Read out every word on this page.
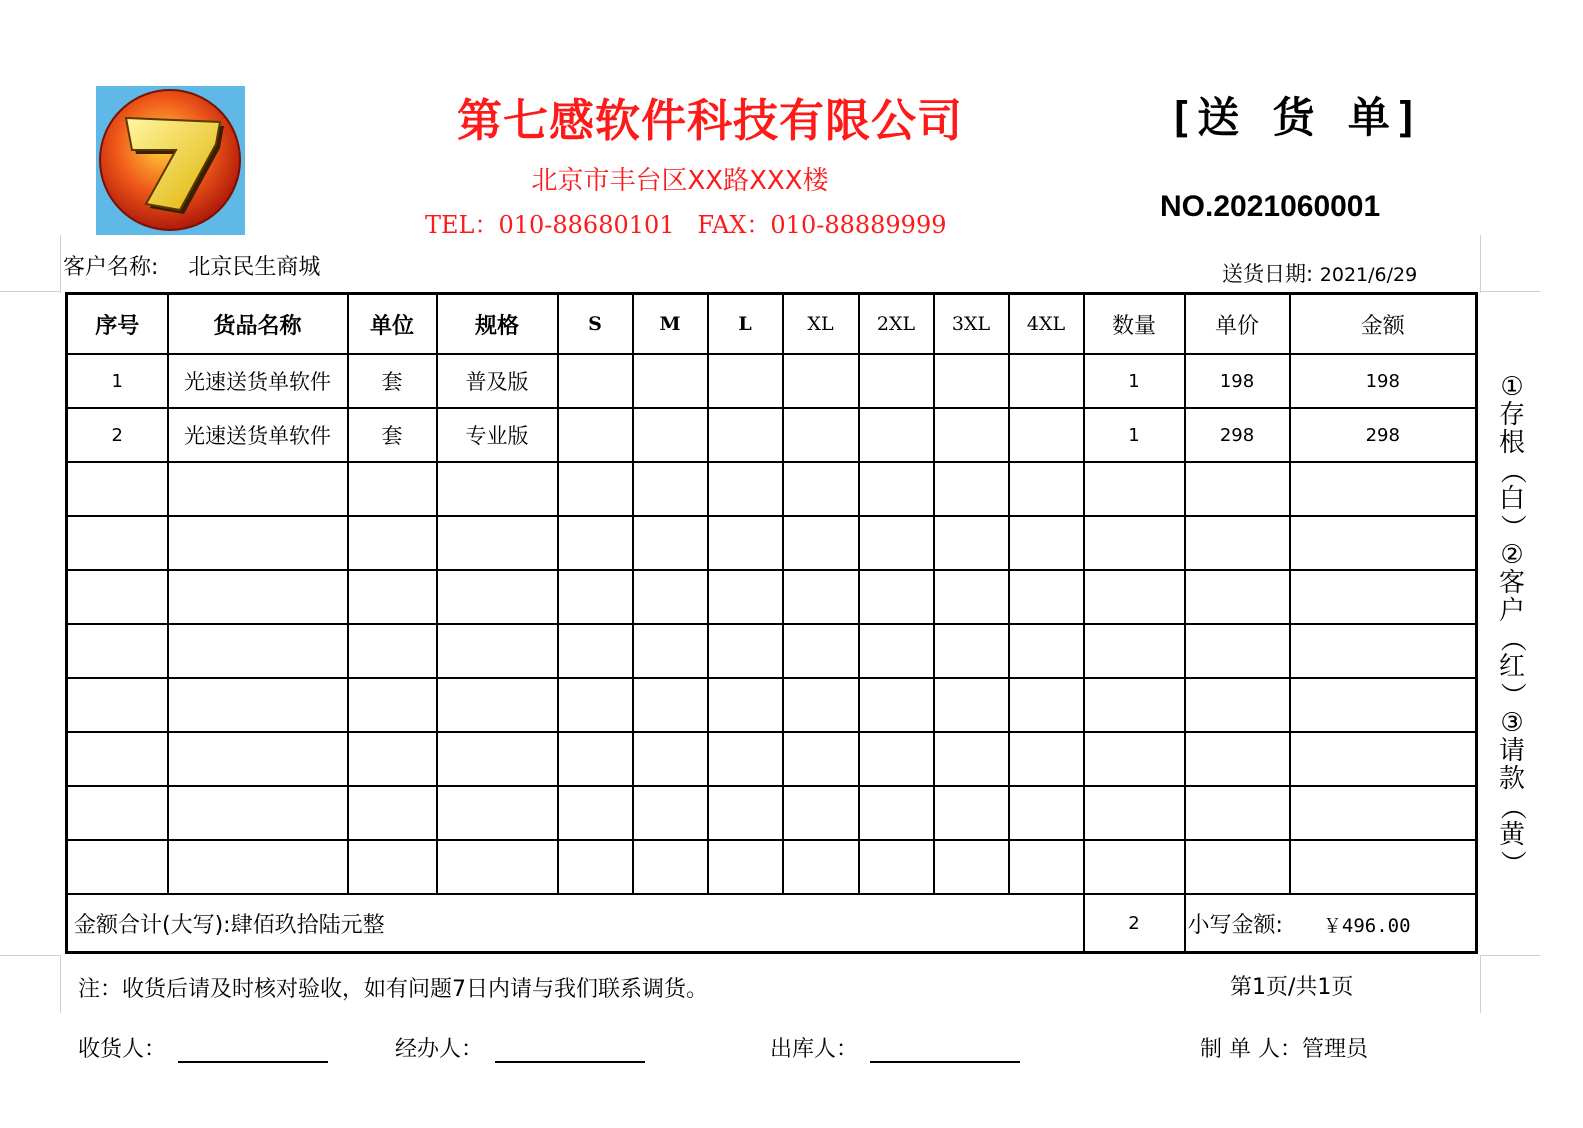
第七感软件科技有限公司
北京市丰台区XX路XXX楼
TEL：010-88680101   FAX：010-88889999
[送 货 单]
NO.2021060001
客户名称: 北京民生商城	送货日期: 2021/6/29
序号	货品名称	单位	规格	S	M	L	XL	2XL	3XL	4XL	数量	单价	金额
1	光速送货单软件	套	普及版								1	198	198
2	光速送货单软件	套	专业版								1	298	298

金额合计(大写):肆佰玖拾陆元整											2	小写金额: ￥496.00	
①
存
根
（
白
）
②
客
户
（
红
）
③
请
款
（
黄
）
注：收货后请及时核对验收，如有问题7日内请与我们联系调货。	第1页/共1页
收货人：	经办人：	出库人：	制 单 人：管理员
